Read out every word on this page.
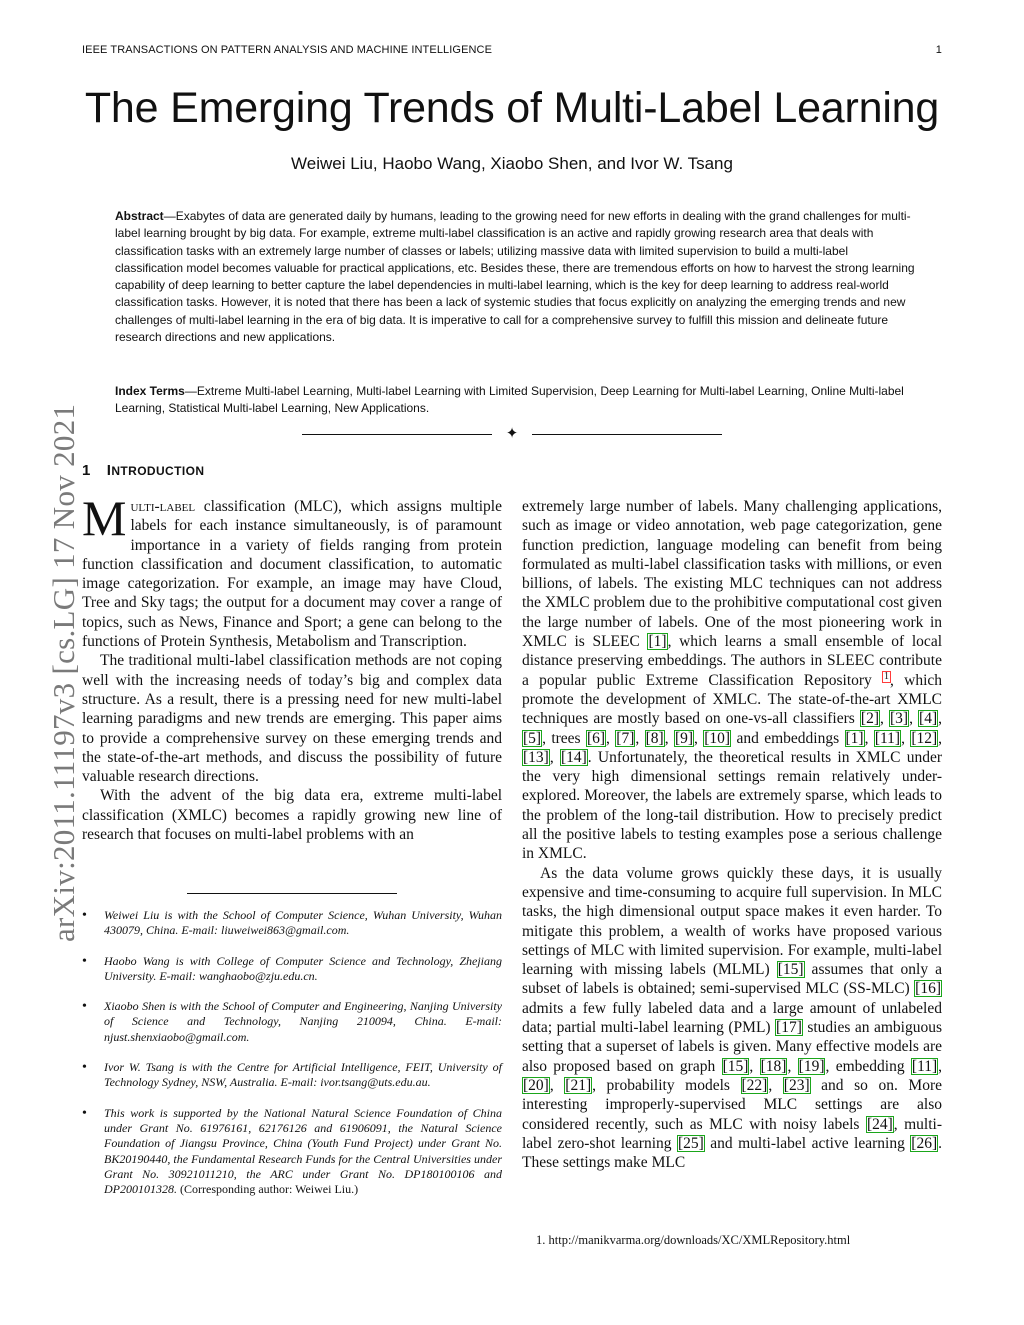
IEEE TRANSACTIONS ON PATTERN ANALYSIS AND MACHINE INTELLIGENCE	1
arXiv:2011.11197v3 [cs.LG] 17 Nov 2021
The Emerging Trends of Multi-Label Learning
Weiwei Liu, Haobo Wang, Xiaobo Shen, and Ivor W. Tsang

Abstract—Exabytes of data are generated daily by humans, leading to the growing need for new efforts in dealing with the grand challenges for multi-label learning brought by big data. For example, extreme multi-label classification is an active and rapidly growing research area that deals with classification tasks with an extremely large number of classes or labels; utilizing massive data with limited supervision to build a multi-label classification model becomes valuable for practical applications, etc. Besides these, there are tremendous efforts on how to harvest the strong learning capability of deep learning to better capture the label dependencies in multi-label learning, which is the key for deep learning to address real-world classification tasks. However, it is noted that there has been a lack of systemic studies that focus explicitly on analyzing the emerging trends and new challenges of multi-label learning in the era of big data. It is imperative to call for a comprehensive survey to fulfill this mission and delineate future research directions and new applications.

Index Terms—Extreme Multi-label Learning, Multi-label Learning with Limited Supervision, Deep Learning for Multi-label Learning, Online Multi-label Learning, Statistical Multi-label Learning, New Applications.

✦
1 INTRODUCTION

Multi-label classification (MLC), which assigns multiple labels for each instance simultaneously, is of paramount importance in a variety of fields ranging from protein function classification and document classification, to automatic image categorization. For example, an image may have Cloud, Tree and Sky tags; the output for a document may cover a range of topics, such as News, Finance and Sport; a gene can belong to the functions of Protein Synthesis, Metabolism and Transcription.

The traditional multi-label classification methods are not coping well with the increasing needs of today’s big and complex data structure. As a result, there is a pressing need for new multi-label learning paradigms and new trends are emerging. This paper aims to provide a comprehensive survey on these emerging trends and the state-of-the-art methods, and discuss the possibility of future valuable research directions.

With the advent of the big data era, extreme multi-label classification (XMLC) becomes a rapidly growing new line of research that focuses on multi-label problems with an

• Weiwei Liu is with the School of Computer Science, Wuhan University, Wuhan 430079, China. E-mail: liuweiwei863@gmail.com.
• Haobo Wang is with College of Computer Science and Technology, Zhejiang University. E-mail: wanghaobo@zju.edu.cn.
• Xiaobo Shen is with the School of Computer and Engineering, Nanjing University of Science and Technology, Nanjing 210094, China. E-mail: njust.shenxiaobo@gmail.com.
• Ivor W. Tsang is with the Centre for Artificial Intelligence, FEIT, University of Technology Sydney, NSW, Australia. E-mail: ivor.tsang@uts.edu.au.
• This work is supported by the National Natural Science Foundation of China under Grant No. 61976161, 62176126 and 61906091, the Natural Science Foundation of Jiangsu Province, China (Youth Fund Project) under Grant No. BK20190440, the Fundamental Research Funds for the Central Universities under Grant No. 30921011210, the ARC under Grant No. DP180100106 and DP200101328. (Corresponding author: Weiwei Liu.)

extremely large number of labels. Many challenging applications, such as image or video annotation, web page categorization, gene function prediction, language modeling can benefit from being formulated as multi-label classification tasks with millions, or even billions, of labels. The existing MLC techniques can not address the XMLC problem due to the prohibitive computational cost given the large number of labels. One of the most pioneering work in XMLC is SLEEC [1], which learns a small ensemble of local distance preserving embeddings. The authors in SLEEC contribute a popular public Extreme Classification Repository 1, which promote the development of XMLC. The state-of-the-art XMLC techniques are mostly based on one-vs-all classifiers [2], [3], [4], [5], trees [6], [7], [8], [9], [10] and embeddings [1], [11], [12], [13], [14]. Unfortunately, the theoretical results in XMLC under the very high dimensional settings remain relatively under-explored. Moreover, the labels are extremely sparse, which leads to the problem of the long-tail distribution. How to precisely predict all the positive labels to testing examples pose a serious challenge in XMLC.

As the data volume grows quickly these days, it is usually expensive and time-consuming to acquire full supervision. In MLC tasks, the high dimensional output space makes it even harder. To mitigate this problem, a wealth of works have proposed various settings of MLC with limited supervision. For example, multi-label learning with missing labels (MLML) [15] assumes that only a subset of labels is obtained; semi-supervised MLC (SS-MLC) [16] admits a few fully labeled data and a large amount of unlabeled data; partial multi-label learning (PML) [17] studies an ambiguous setting that a superset of labels is given. Many effective models are also proposed based on graph [15], [18], [19], embedding [11], [20], [21], probability models [22], [23] and so on. More interesting improperly-supervised MLC settings are also considered recently, such as MLC with noisy labels [24], multi-label zero-shot learning [25] and multi-label active learning [26]. These settings make MLC

1. http://manikvarma.org/downloads/XC/XMLRepository.html
